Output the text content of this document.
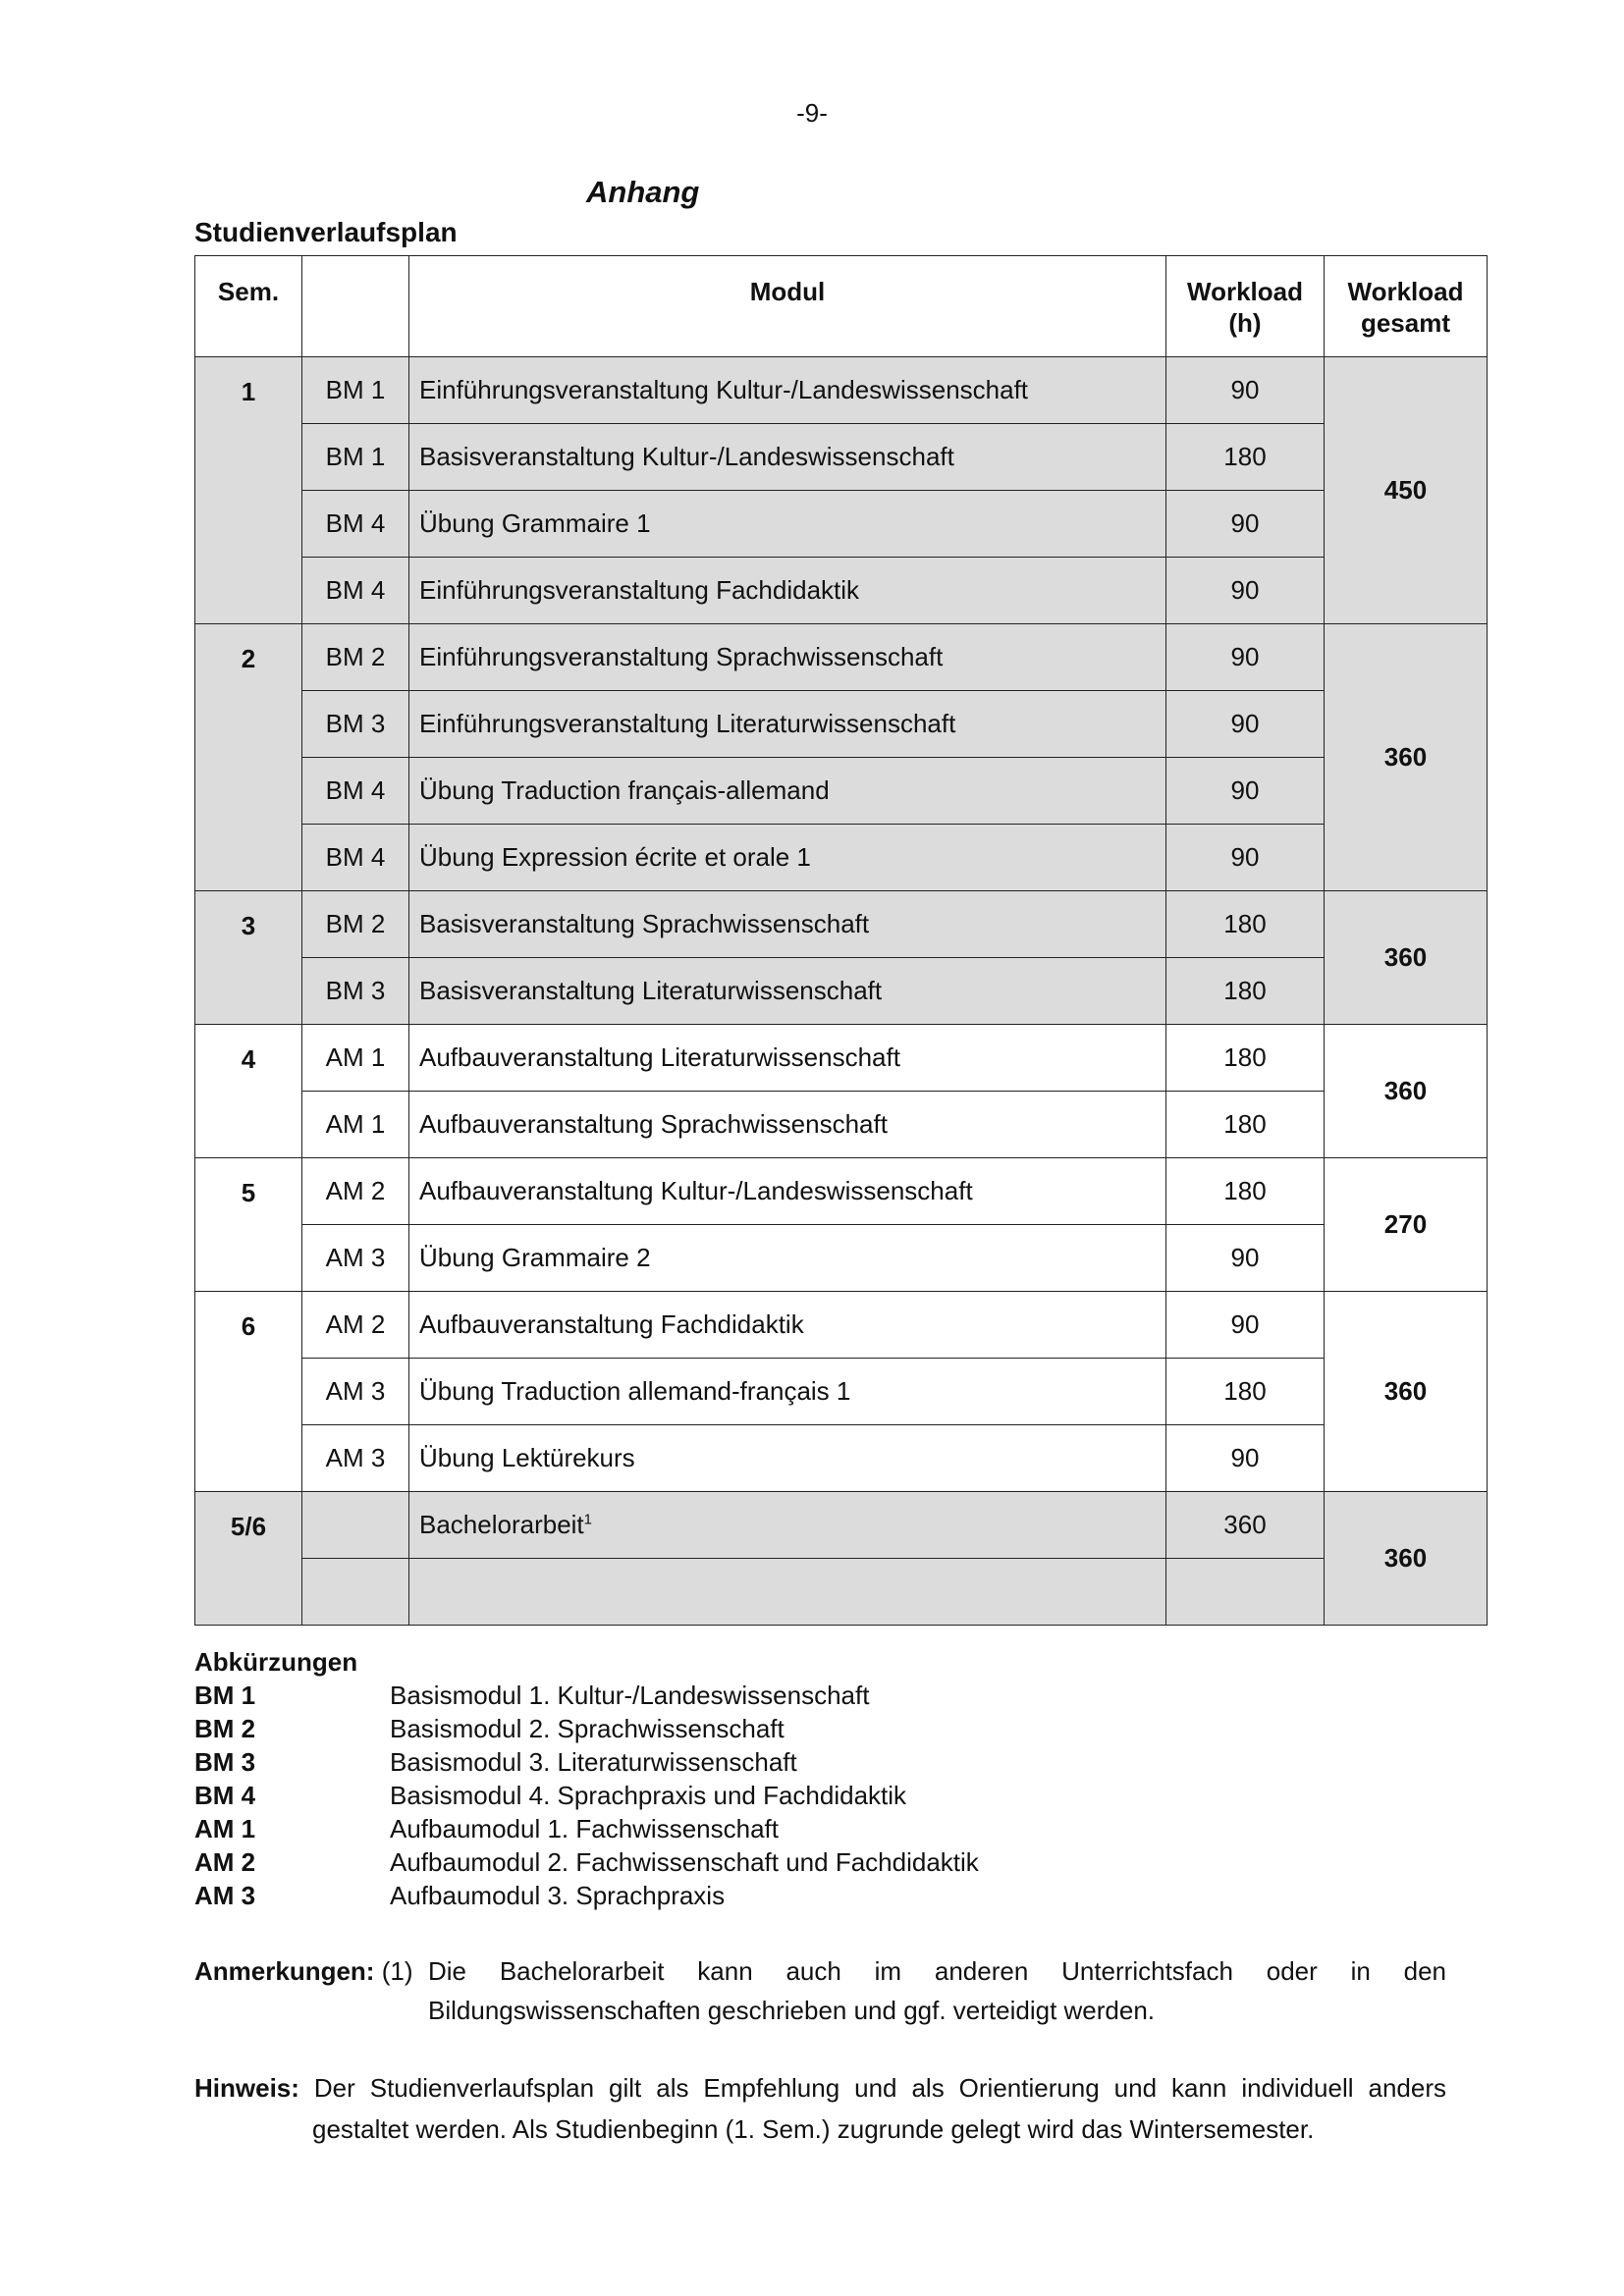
-9-
Anhang
Studienverlaufsplan
Sem.		Modul	Workload (h)	Workload gesamt
1	BM 1	Einführungsveranstaltung Kultur-/Landeswissenschaft	90	450
	BM 1	Basisveranstaltung Kultur-/Landeswissenschaft	180	
	BM 4	Übung Grammaire 1	90	
	BM 4	Einführungsveranstaltung Fachdidaktik	90	
2	BM 2	Einführungsveranstaltung Sprachwissenschaft	90	360
	BM 3	Einführungsveranstaltung Literaturwissenschaft	90	
	BM 4	Übung Traduction français-allemand	90	
	BM 4	Übung Expression écrite et orale 1	90	
3	BM 2	Basisveranstaltung Sprachwissenschaft	180	360
	BM 3	Basisveranstaltung Literaturwissenschaft	180	
4	AM 1	Aufbauveranstaltung Literaturwissenschaft	180	360
	AM 1	Aufbauveranstaltung Sprachwissenschaft	180	
5	AM 2	Aufbauveranstaltung Kultur-/Landeswissenschaft	180	270
	AM 3	Übung Grammaire 2	90	
6	AM 2	Aufbauveranstaltung Fachdidaktik	90	360
	AM 3	Übung Traduction allemand-français 1	180	
	AM 3	Übung Lektürekurs	90	
5/6		Bachelorarbeit$^1$	360	360

Abkürzungen
BM 1	Basismodul 1. Kultur-/Landeswissenschaft
BM 2	Basismodul 2. Sprachwissenschaft
BM 3	Basismodul 3. Literaturwissenschaft
BM 4	Basismodul 4. Sprachpraxis und Fachdidaktik
AM 1	Aufbaumodul 1. Fachwissenschaft
AM 2	Aufbaumodul 2. Fachwissenschaft und Fachdidaktik
AM 3	Aufbaumodul 3. Sprachpraxis
Anmerkungen: (1) Die Bachelorarbeit kann auch im anderen Unterrichtsfach oder in den Bildungswissenschaften geschrieben und ggf. verteidigt werden.
Hinweis: Der Studienverlaufsplan gilt als Empfehlung und als Orientierung und kann individuell anders gestaltet werden. Als Studienbeginn (1. Sem.) zugrunde gelegt wird das Wintersemester.
